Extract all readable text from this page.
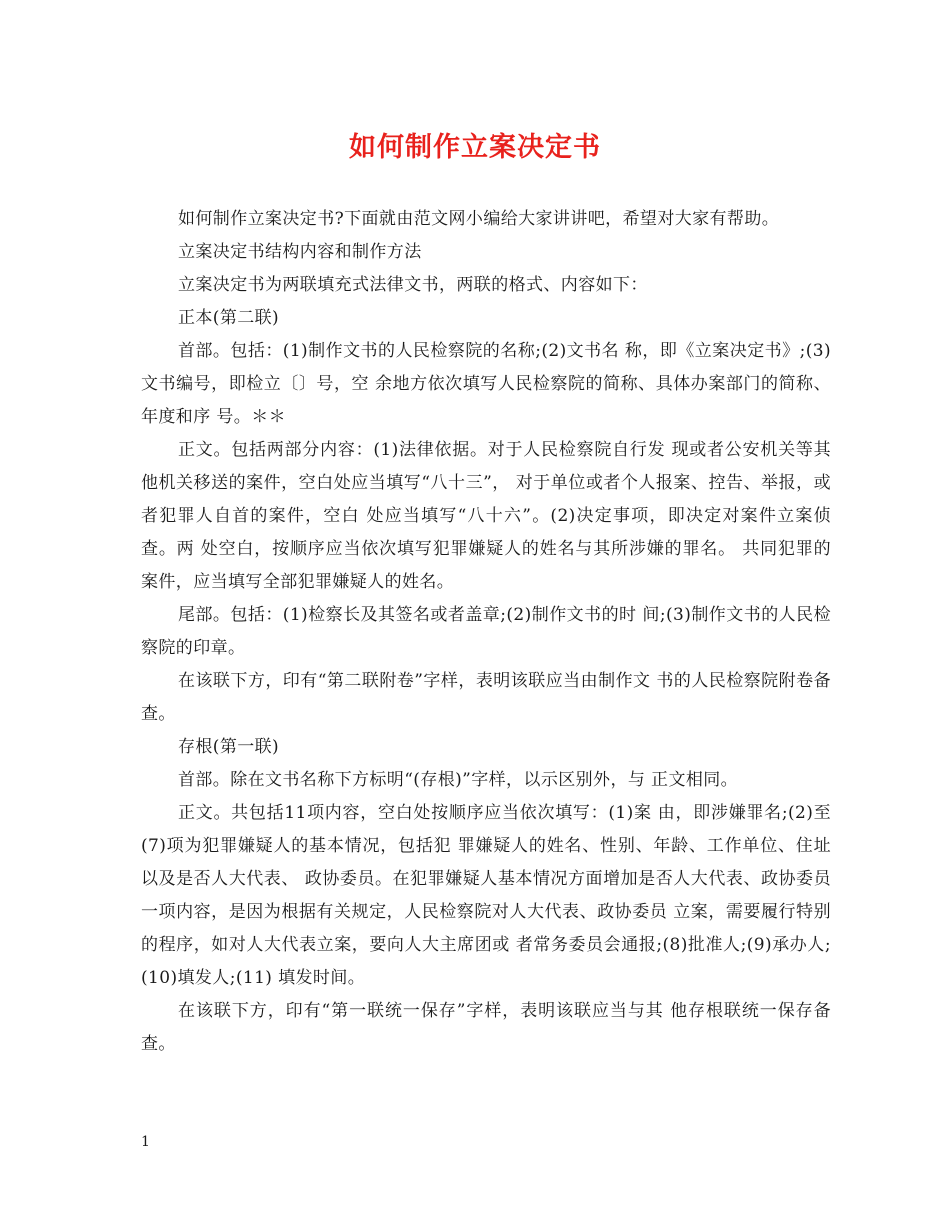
如何制作立案决定书

如何制作立案决定书?下面就由范文网小编给大家讲讲吧，希望对大家有帮助。

立案决定书结构内容和制作方法

立案决定书为两联填充式法律文书，两联的格式、内容如下：

正本(第二联)

首部。包括：(1)制作文书的人民检察院的名称;(2)文书名 称，即《立案决定书》;(3)文书编号，即检立〔〕号，空 余地方依次填写人民检察院的简称、具体办案部门的简称、年度和序 号。＊＊

正文。包括两部分内容：(1)法律依据。对于人民检察院自行发 现或者公安机关等其他机关移送的案件，空白处应当填写“八十三”， 对于单位或者个人报案、控告、举报，或者犯罪人自首的案件，空白 处应当填写“八十六”。(2)决定事项，即决定对案件立案侦查。两 处空白，按顺序应当依次填写犯罪嫌疑人的姓名与其所涉嫌的罪名。 共同犯罪的案件，应当填写全部犯罪嫌疑人的姓名。

尾部。包括：(1)检察长及其签名或者盖章;(2)制作文书的时 间;(3)制作文书的人民检察院的印章。

在该联下方，印有“第二联附卷”字样，表明该联应当由制作文 书的人民检察院附卷备查。

存根(第一联)

首部。除在文书名称下方标明“(存根)”字样，以示区别外，与 正文相同。

正文。共包括11项内容，空白处按顺序应当依次填写：(1)案 由，即涉嫌罪名;(2)至(7)项为犯罪嫌疑人的基本情况，包括犯 罪嫌疑人的姓名、性别、年龄、工作单位、住址以及是否人大代表、 政协委员。在犯罪嫌疑人基本情况方面增加是否人大代表、政协委员一项内容，是因为根据有关规定，人民检察院对人大代表、政协委员 立案，需要履行特别的程序，如对人大代表立案，要向人大主席团或 者常务委员会通报;(8)批准人;(9)承办人;(10)填发人;(11) 填发时间。

在该联下方，印有“第一联统一保存”字样，表明该联应当与其 他存根联统一保存备查。

1
